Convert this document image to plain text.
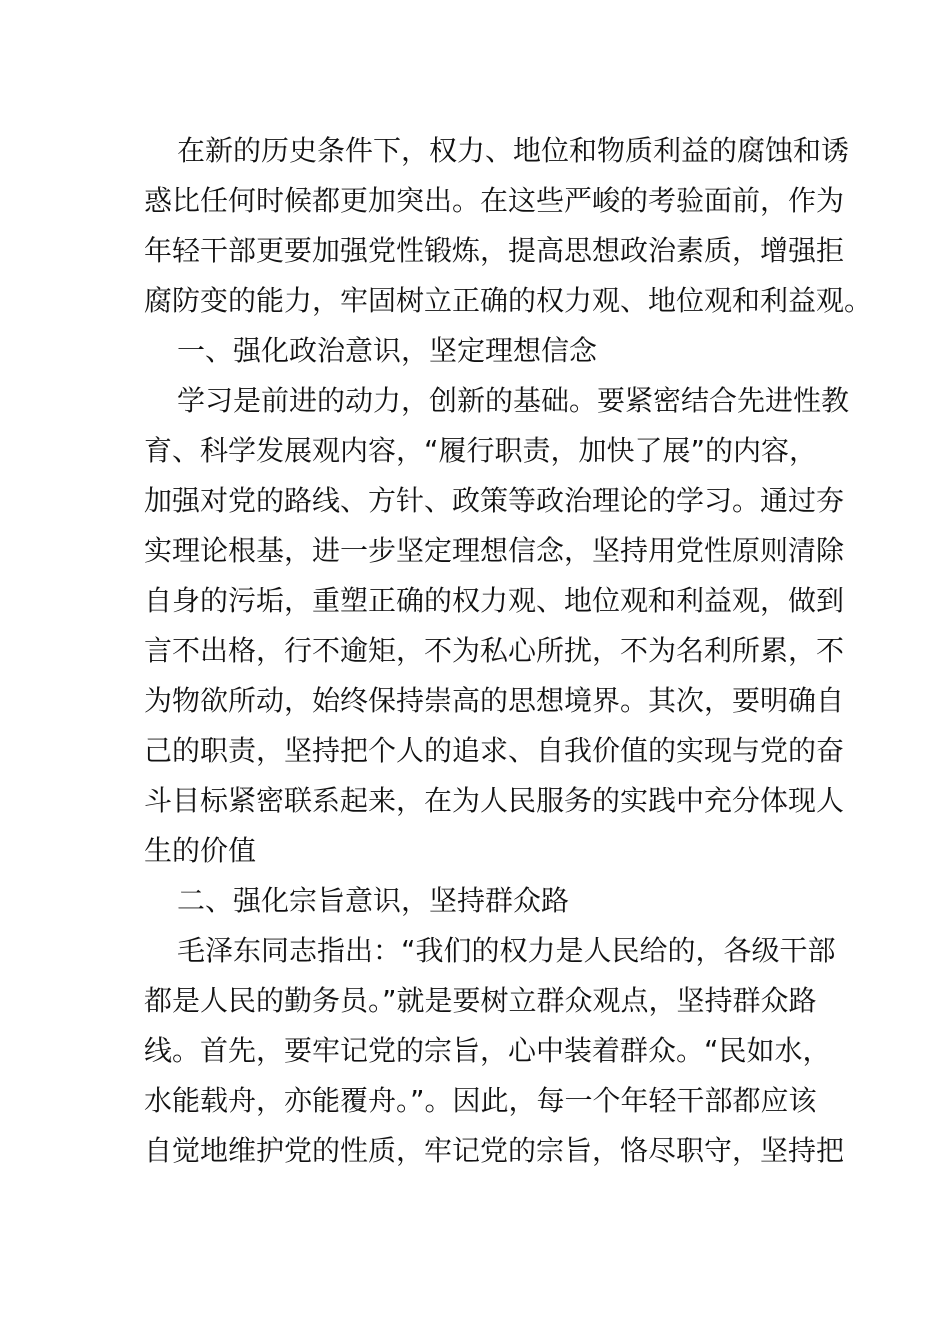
在新的历史条件下，权力、地位和物质利益的腐蚀和诱
惑比任何时候都更加突出。在这些严峻的考验面前，作为
年轻干部更要加强党性锻炼，提高思想政治素质，增强拒
腐防变的能力，牢固树立正确的权力观、地位观和利益观。
一、强化政治意识，坚定理想信念
学习是前进的动力，创新的基础。要紧密结合先进性教
育、科学发展观内容，“履行职责，加快了展”的内容，
加强对党的路线、方针、政策等政治理论的学习。通过夯
实理论根基，进一步坚定理想信念，坚持用党性原则清除
自身的污垢，重塑正确的权力观、地位观和利益观，做到
言不出格，行不逾矩，不为私心所扰，不为名利所累，不
为物欲所动，始终保持崇高的思想境界。其次，要明确自
己的职责，坚持把个人的追求、自我价值的实现与党的奋
斗目标紧密联系起来，在为人民服务的实践中充分体现人
生的价值
二、强化宗旨意识，坚持群众路
毛泽东同志指出：“我们的权力是人民给的，各级干部
都是人民的勤务员。”就是要树立群众观点，坚持群众路
线。首先，要牢记党的宗旨，心中装着群众。“民如水，
水能载舟，亦能覆舟。”。因此，每一个年轻干部都应该
自觉地维护党的性质，牢记党的宗旨，恪尽职守，坚持把
